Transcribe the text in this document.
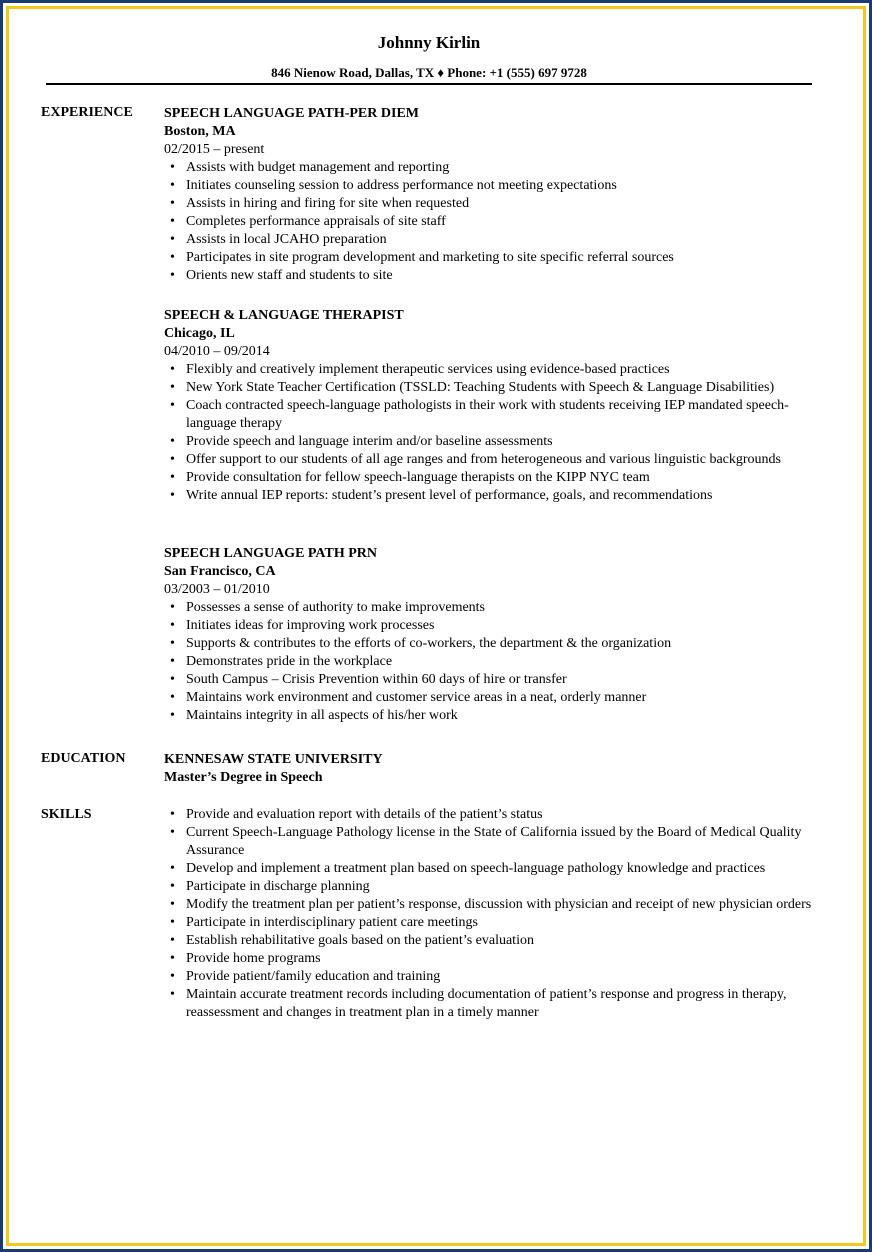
Johnny Kirlin
846 Nienow Road, Dallas, TX ♦ Phone: +1 (555) 697 9728
EXPERIENCE SPEECH LANGUAGE PATH-PER DIEM
Boston, MA
02/2015 – present
• Assists with budget management and reporting
• Initiates counseling session to address performance not meeting expectations
• Assists in hiring and firing for site when requested
• Completes performance appraisals of site staff
• Assists in local JCAHO preparation
• Participates in site program development and marketing to site specific referral sources
• Orients new staff and students to site
SPEECH & LANGUAGE THERAPIST
Chicago, IL
04/2010 – 09/2014
• Flexibly and creatively implement therapeutic services using evidence-based practices
• New York State Teacher Certification (TSSLD: Teaching Students with Speech & Language Disabilities)
• Coach contracted speech-language pathologists in their work with students receiving IEP mandated speech-language therapy
• Provide speech and language interim and/or baseline assessments
• Offer support to our students of all age ranges and from heterogeneous and various linguistic backgrounds
• Provide consultation for fellow speech-language therapists on the KIPP NYC team
• Write annual IEP reports: student’s present level of performance, goals, and recommendations
SPEECH LANGUAGE PATH PRN
San Francisco, CA
03/2003 – 01/2010
• Possesses a sense of authority to make improvements
• Initiates ideas for improving work processes
• Supports & contributes to the efforts of co-workers, the department & the organization
• Demonstrates pride in the workplace
• South Campus – Crisis Prevention within 60 days of hire or transfer
• Maintains work environment and customer service areas in a neat, orderly manner
• Maintains integrity in all aspects of his/her work
EDUCATION	KENNESAW STATE UNIVERSITY
Master’s Degree in Speech
SKILLS
•	Provide and evaluation report with details of the patient’s status
• Current Speech-Language Pathology license in the State of California issued by the Board of Medical Quality Assurance
• Develop and implement a treatment plan based on speech-language pathology knowledge and practices
• Participate in discharge planning
• Modify the treatment plan per patient’s response, discussion with physician and receipt of new physician orders
• Participate in interdisciplinary patient care meetings
• Establish rehabilitative goals based on the patient’s evaluation
• Provide home programs
• Provide patient/family education and training
• Maintain accurate treatment records including documentation of patient’s response and progress in therapy, reassessment and changes in treatment plan in a timely manner
